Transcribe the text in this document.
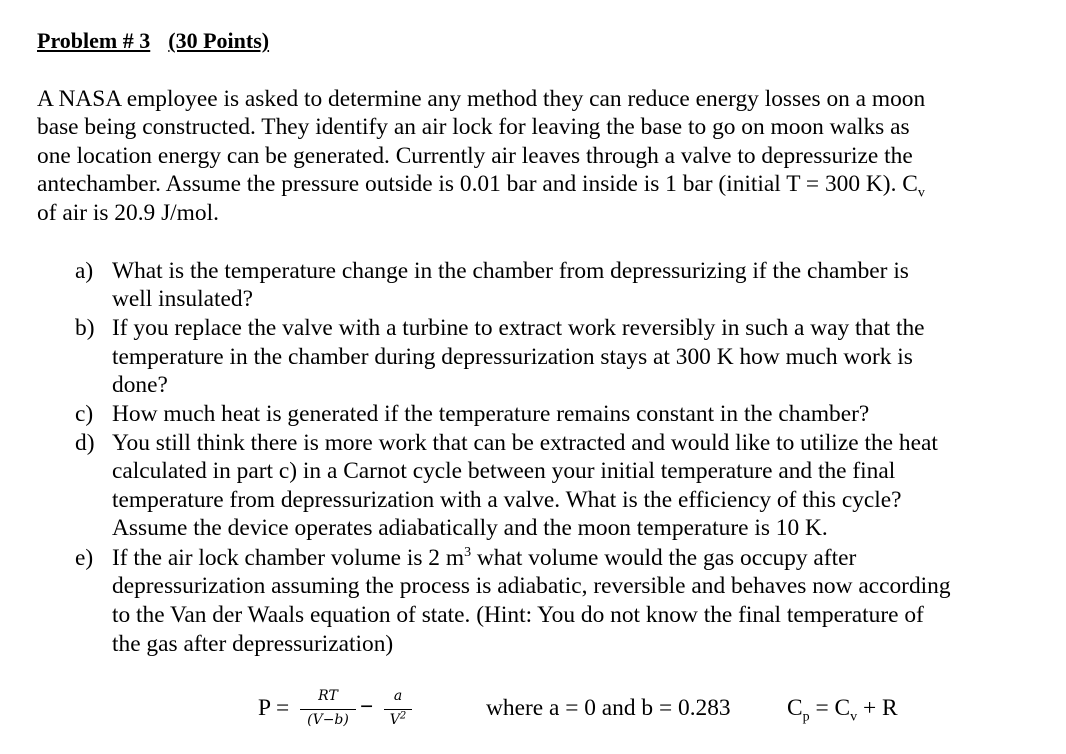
Problem # 3 (30 Points)
A NASA employee is asked to determine any method they can reduce energy losses on a moon
base being constructed. They identify an air lock for leaving the base to go on moon walks as
one location energy can be generated. Currently air leaves through a valve to depressurize the
antechamber. Assume the pressure outside is 0.01 bar and inside is 1 bar (initial T = 300 K). $C_v$
of air is 20.9 J/mol.
a) What is the temperature change in the chamber from depressurizing if the chamber is
well insulated?
b) If you replace the valve with a turbine to extract work reversibly in such a way that the
temperature in the chamber during depressurization stays at 300 K how much work is
done?
c) How much heat is generated if the temperature remains constant in the chamber?
d) You still think there is more work that can be extracted and would like to utilize the heat
calculated in part c) in a Carnot cycle between your initial temperature and the final
temperature from depressurization with a valve. What is the efficiency of this cycle?
Assume the device operates adiabatically and the moon temperature is 10 K.
e) If the air lock chamber volume is 2 $m^3$ what volume would the gas occupy after
depressurization assuming the process is adiabatic, reversible and behaves now according
to the Van der Waals equation of state. (Hint: You do not know the final temperature of
the gas after depressurization)
P =	RT
(V−b) −	a
$V^2$	where a = 0 and b = 0.283 $C_p = C_v + R$
